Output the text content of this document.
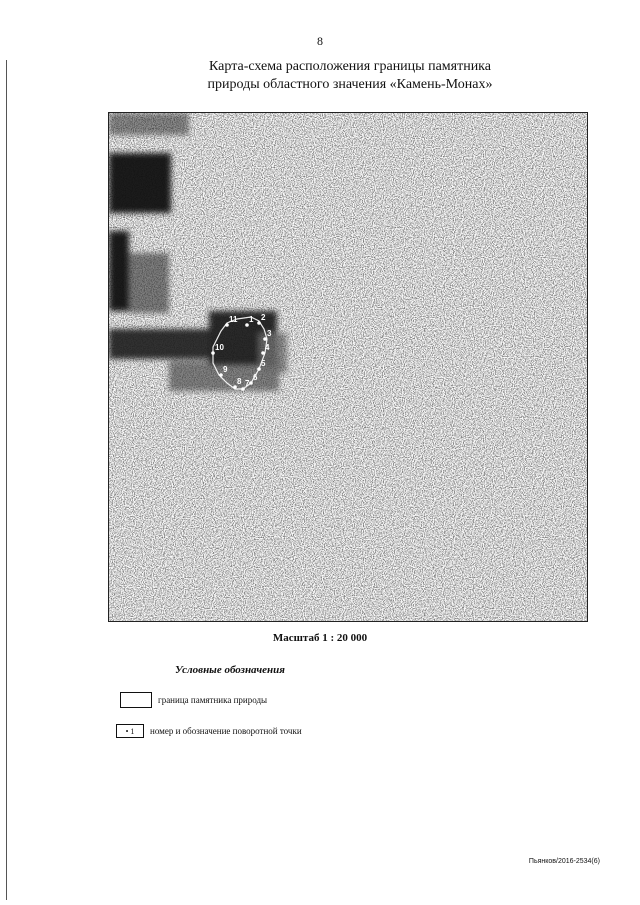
8
Карта-схема расположения границы памятника
природы областного значения «Камень-Монах»
1 2
3
4
5
6
7
8
9
10
11
Масштаб 1 : 20 000
Условные обозначения
граница памятника природы
• 1 номер и обозначение поворотной точки
Пьянков/2016-2534(6)
